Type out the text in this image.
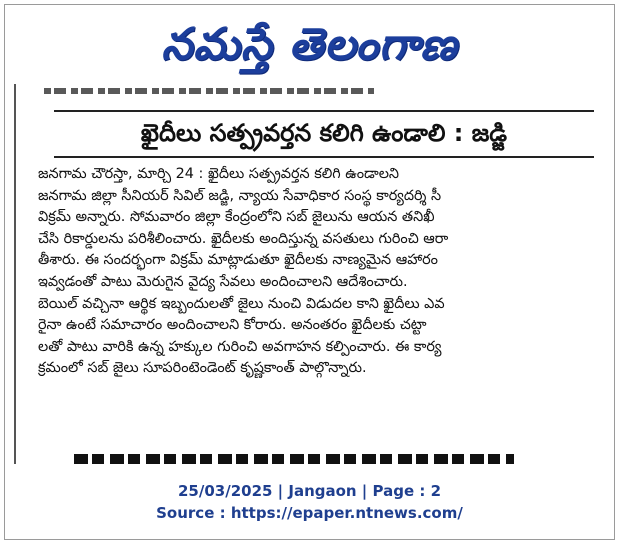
నమస్తే తెలంగాణ
ఖైదీలు సత్ప్రవర్తన కలిగి ఉండాలి : జడ్జి
జనగామ చౌరస్తా, మార్చి 24 : ఖైదీలు సత్ప్రవర్తన కలిగి ఉండాలని
జనగామ జిల్లా సీనియర్ సివిల్ జడ్జి, న్యాయ సేవాధికార సంస్థ కార్యదర్శి సీ
విక్రమ్ అన్నారు. సోమవారం జిల్లా కేంద్రంలోని సబ్ జైలును ఆయన తనిఖీ
చేసి రికార్డులను పరిశీలించారు. ఖైదీలకు అందిస్తున్న వసతులు గురించి ఆరా
తీశారు. ఈ సందర్భంగా విక్రమ్ మాట్లాడుతూ ఖైదీలకు నాణ్యమైన ఆహారం
ఇవ్వడంతో పాటు మెరుగైన వైద్య సేవలు అందించాలని ఆదేశించారు.
బెయిల్ వచ్చినా ఆర్థిక ఇబ్బందులతో జైలు నుంచి విడుదల కాని ఖైదీలు ఎవ
రైనా ఉంటే సమాచారం అందించాలని కోరారు. అనంతరం ఖైదీలకు చట్టా
లతో పాటు వారికి ఉన్న హక్కుల గురించి అవగాహన కల్పించారు. ఈ కార్య
క్రమంలో సబ్ జైలు సూపరింటెండెంట్ కృష్ణకాంత్ పాల్గొన్నారు.
25/03/2025 | Jangaon | Page : 2
Source : https://epaper.ntnews.com/
